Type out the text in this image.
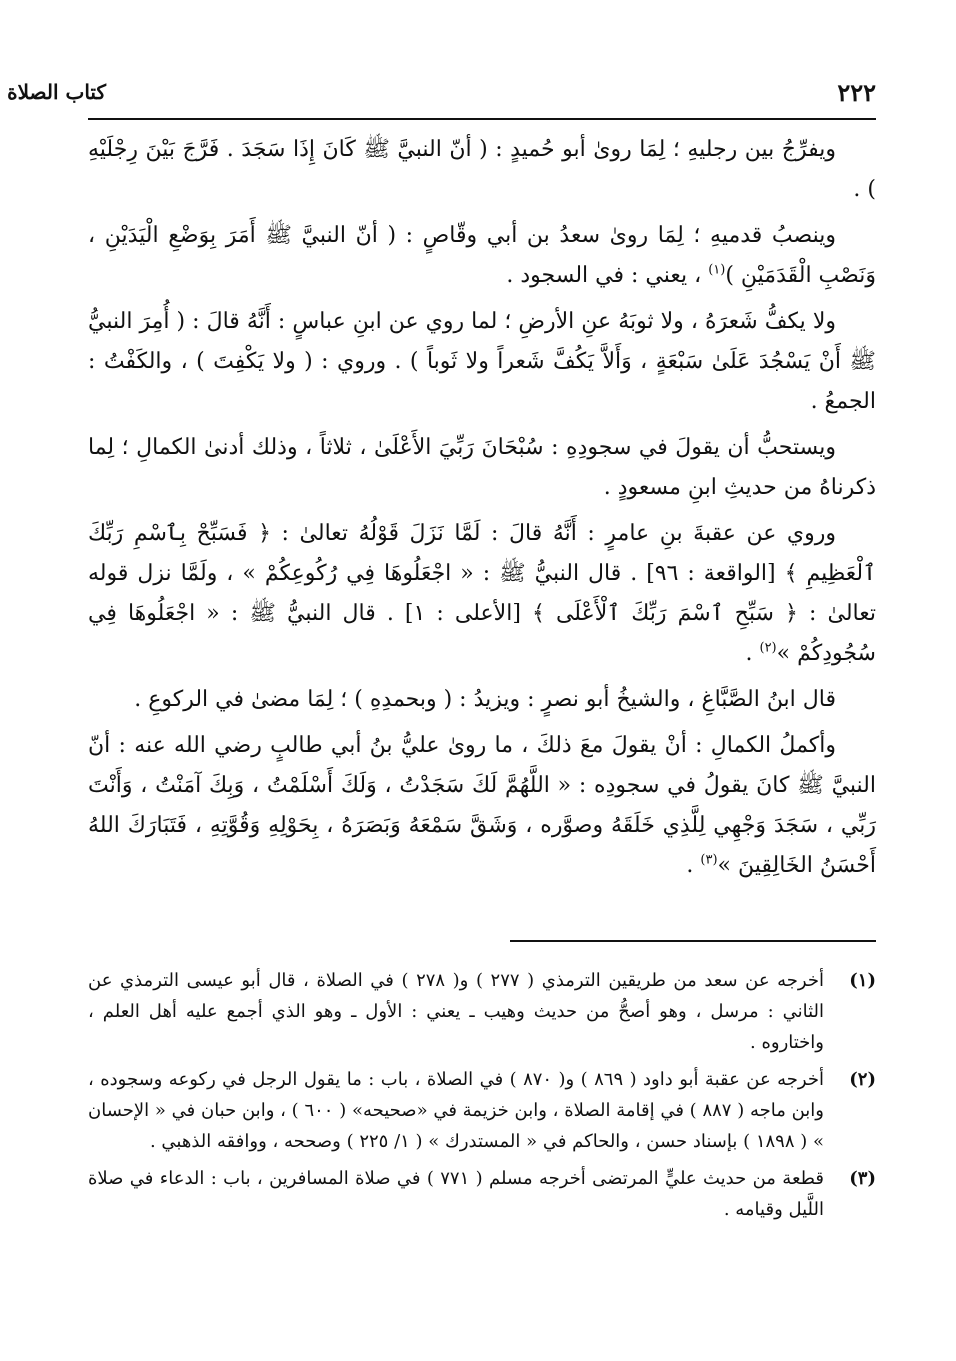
٢٢٢
كتاب الصلاة

ويفرِّجُ بين رجليهِ ؛ لِمَا روىٰ أبو حُميدٍ : ( أنّ النبيَّ ﷺ كَانَ إِذَا سَجَدَ . فَرَّجَ بَيْنَ رِجْلَيْهِ ) .

وينصبُ قدميهِ ؛ لِمَا روىٰ سعدُ بن أبي وقّاصٍ : ( أنّ النبيَّ ﷺ أَمَرَ بِوَضْعِ الْيَدَيْنِ ، وَنَصْبِ الْقَدَمَيْنِ )$^{(١)}$ ، يعني : في السجود .

ولا يكفُّ شَعرَهُ ، ولا ثوبَهُ عنِ الأرضِ ؛ لما روي عن ابنِ عباسٍ : أَنَّهُ قالَ : ( أُمِرَ النبيُّ ﷺ أَنْ يَسْجُدَ عَلَىٰ سَبْعَةٍ ، وَأَلاَّ يَكُفَّ شَعراً ولا ثَوباً ) . وروي : ( ولا يَكْفِتَ ) ، والكَفْتُ : الجمعُ .

ويستحبُّ أن يقولَ في سجودِهِ : سُبْحَانَ رَبِّيَ الأَعْلَىٰ ، ثلاثاً ، وذلك أدنىٰ الكمالِ ؛ لِما ذكرناهُ من حديثِ ابنِ مسعودٍ .

وروي عن عقبةَ بنِ عامرٍ : أَنَّهُ قالَ : لَمَّا نَزَلَ قَوْلُهُ تعالىٰ : ﴿ فَسَبِّحْ بِٱسْمِ رَبِّكَ ٱلْعَظِيمِ ﴾ [الواقعة : ٩٦] . قال النبيُّ ﷺ : « اجْعَلُوهَا فِي رُكُوعِكُمْ » ، ولَمَّا نزل قوله تعالىٰ : ﴿ سَبِّحِ ٱسْمَ رَبِّكَ ٱلْأَعْلَى ﴾ [الأعلى : ١] . قال النبيُّ ﷺ : « اجْعَلُوهَا فِي سُجُودِكُمْ »$^{(٢)}$ .

قال ابنُ الصَّبَّاغِ ، والشيخُ أبو نصرٍ : ويزيدُ : ( وبحمدِهِ ) ؛ لِمَا مضىٰ في الركوعِ .

وأكملُ الكمالِ : أنْ يقولَ معَ ذلكَ ، ما روىٰ عليُّ بنُ أبي طالبٍ رضي الله عنه : أنّ النبيَّ ﷺ كانَ يقولُ في سجودِه : « اللَّهُمَّ لَكَ سَجَدْتُ ، وَلَكَ أَسْلَمْتُ ، وَبِكَ آمَنْتُ ، وَأَنْتَ رَبِّي ، سَجَدَ وَجْهِي لِلَّذِي خَلَقَهُ وصوَّره ، وَشَقَّ سَمْعَهُ وَبَصَرَهُ ، بِحَوْلِهِ وَقُوَّتِهِ ، فَتَبَارَكَ اللهُ أَحْسَنُ الخَالِقِينَ »$^{(٣)}$ .

(١)
أخرجه عن سعد من طريقين الترمذي ( ٢٧٧ ) و( ٢٧٨ ) في الصلاة ، قال أبو عيسى الترمذي عن الثاني : مرسل ، وهو أصحُّ من حديث وهيب ـ يعني : الأول ـ وهو الذي أجمع عليه أهل العلم ، واختاروه .
(٢)
أخرجه عن عقبة أبو داود ( ٨٦٩ ) و( ٨٧٠ ) في الصلاة ، باب : ما يقول الرجل في ركوعه وسجوده ، وابن ماجه ( ٨٨٧ ) في إقامة الصلاة ، وابن خزيمة في «صحيحه» ( ٦٠٠ ) ، وابن حبان في « الإحسان » ( ١٨٩٨ ) بإسناد حسن ، والحاكم في « المستدرك » ( ١/ ٢٢٥ ) وصححه ، ووافقه الذهبي .
(٣)
قطعة من حديث عليٍّ المرتضى أخرجه مسلم ( ٧٧١ ) في صلاة المسافرين ، باب : الدعاء في صلاة اللَّيل وقيامه .
